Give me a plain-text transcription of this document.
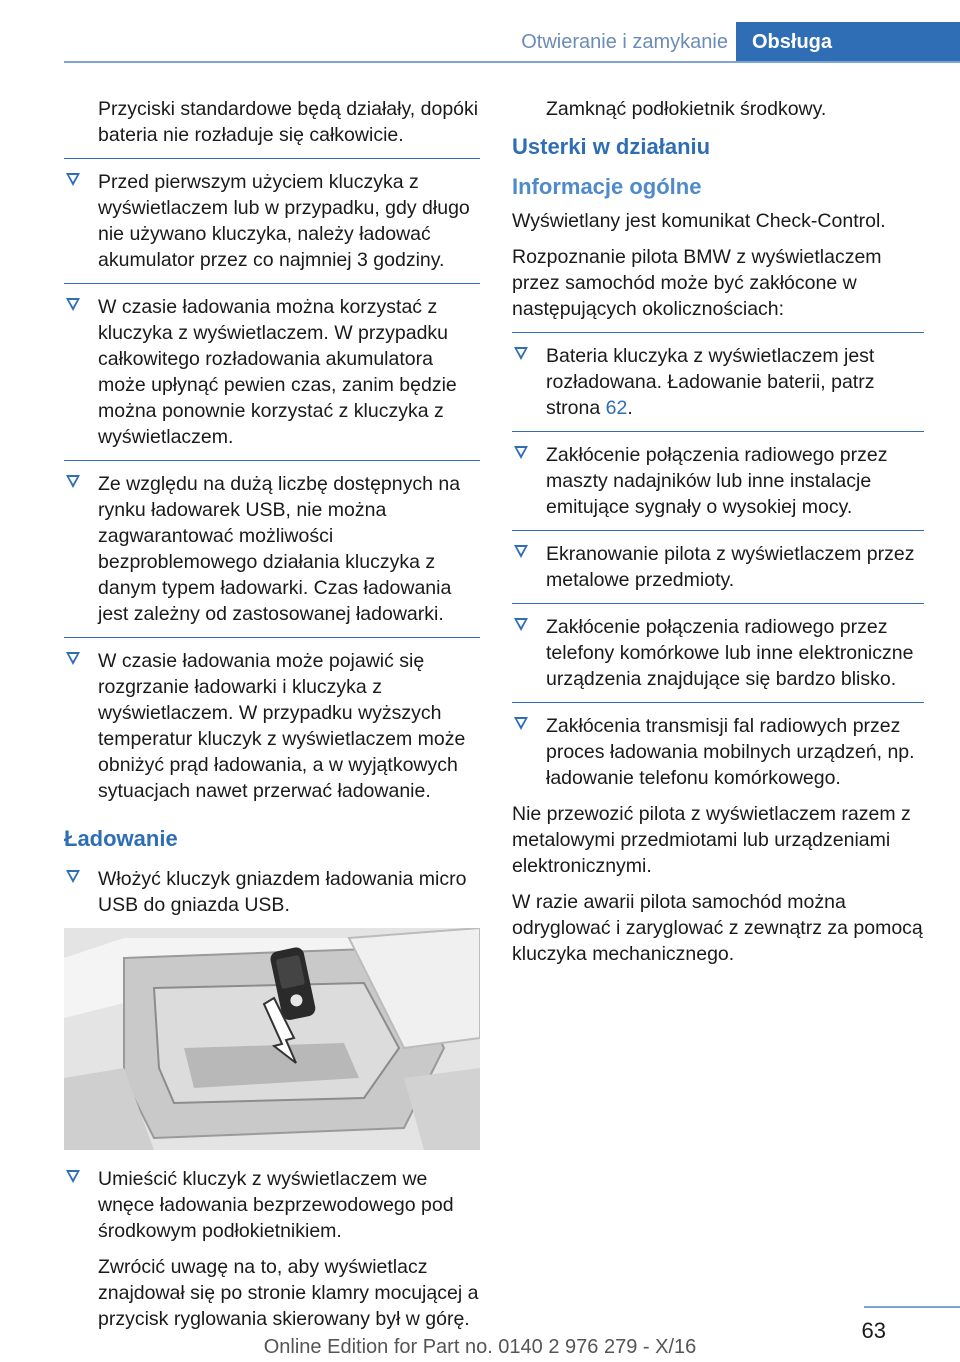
Otwieranie i zamykanie	Obsługa

Przyciski standardowe będą działały, dopóki bateria nie rozładuje się całkowicie.

Przed pierwszym użyciem kluczyka z wyświetlaczem lub w przypadku, gdy długo nie używano kluczyka, należy ładować akumulator przez co najmniej 3 godziny.
W czasie ładowania można korzystać z kluczyka z wyświetlaczem. W przypadku całkowitego rozładowania akumulatora może upłynąć pewien czas, zanim będzie można ponownie korzystać z kluczyka z wyświetlaczem.
Ze względu na dużą liczbę dostępnych na rynku ładowarek USB, nie można zagwarantować możliwości bezproblemowego działania kluczyka z danym typem ładowarki. Czas ładowania jest zależny od zastosowanej ładowarki.
W czasie ładowania może pojawić się rozgrzanie ładowarki i kluczyka z wyświetlaczem. W przypadku wyższych temperatur kluczyk z wyświetlaczem może obniżyć prąd ładowania, a w wyjątkowych sytuacjach nawet przerwać ładowanie.
Ładowanie
Włożyć kluczyk gniazdem ładowania micro USB do gniazda USB.
Umieścić kluczyk z wyświetlaczem we wnęce ładowania bezprzewodowego pod środkowym podłokietnikiem.

Zwrócić uwagę na to, aby wyświetlacz znajdował się po stronie klamry mocującej a przycisk ryglowania skierowany był w górę.

Zamknąć podłokietnik środkowy.

Usterki w działaniu
Informacje ogólne

Wyświetlany jest komunikat Check-Control.

Rozpoznanie pilota BMW z wyświetlaczem przez samochód może być zakłócone w następujących okolicznościach:

Bateria kluczyka z wyświetlaczem jest rozładowana. Ładowanie baterii, patrz strona 62.
Zakłócenie połączenia radiowego przez maszty nadajników lub inne instalacje emitujące sygnały o wysokiej mocy.
Ekranowanie pilota z wyświetlaczem przez metalowe przedmioty.
Zakłócenie połączenia radiowego przez telefony komórkowe lub inne elektroniczne urządzenia znajdujące się bardzo blisko.
Zakłócenia transmisji fal radiowych przez proces ładowania mobilnych urządzeń, np. ładowanie telefonu komórkowego.

Nie przewozić pilota z wyświetlaczem razem z metalowymi przedmiotami lub urządzeniami elektronicznymi.

W razie awarii pilota samochód można odryglować i zaryglować z zewnątrz za pomocą kluczyka mechanicznego.

63
Online Edition for Part no. 0140 2 976 279 - X/16
